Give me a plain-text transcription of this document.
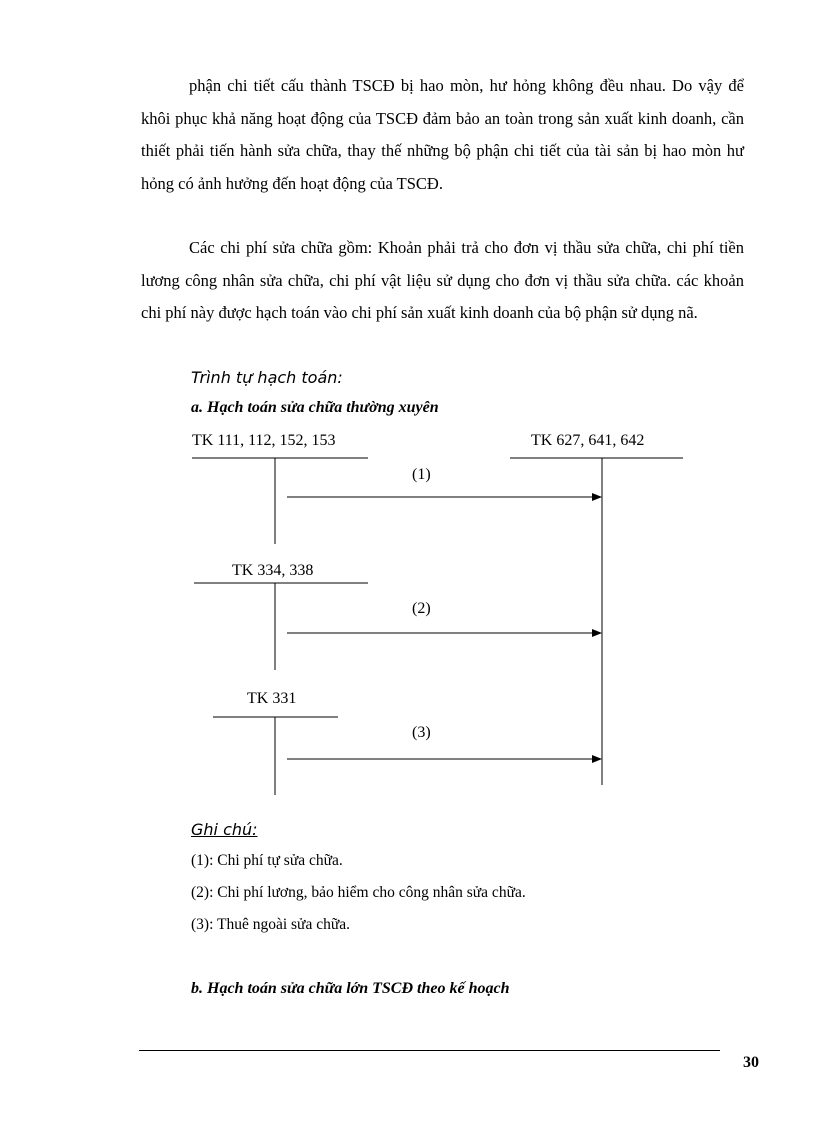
phận chi tiết cấu thành TSCĐ bị hao mòn, hư hỏng không đều nhau. Do vậy để khôi phục khả năng hoạt động của TSCĐ đảm bảo an toàn trong sản xuất kinh doanh, cần thiết phải tiến hành sửa chữa, thay thế những bộ phận chi tiết của tài sản bị hao mòn hư hỏng có ảnh hưởng đến hoạt động của TSCĐ.

Các chi phí sửa chữa gồm: Khoản phải trả cho đơn vị thầu sửa chữa, chi phí tiền lương công nhân sửa chữa, chi phí vật liệu sử dụng cho đơn vị thầu sửa chữa. các khoản chi phí này được hạch toán vào chi phí sản xuất kinh doanh của bộ phận sử dụng nã.

Trình tự hạch toán:
a. Hạch toán sửa chữa thường xuyên
TK 111, 112, 152, 153	TK 627, 641, 642
TK 334, 338
TK 331
(1)
(2)
(3)
Ghi chú:
(1): Chi phí tự sửa chữa.
(2): Chi phí lương, bảo hiểm cho công nhân sửa chữa.
(3): Thuê ngoài sửa chữa.
b. Hạch toán sửa chữa lớn TSCĐ theo kế hoạch
30
